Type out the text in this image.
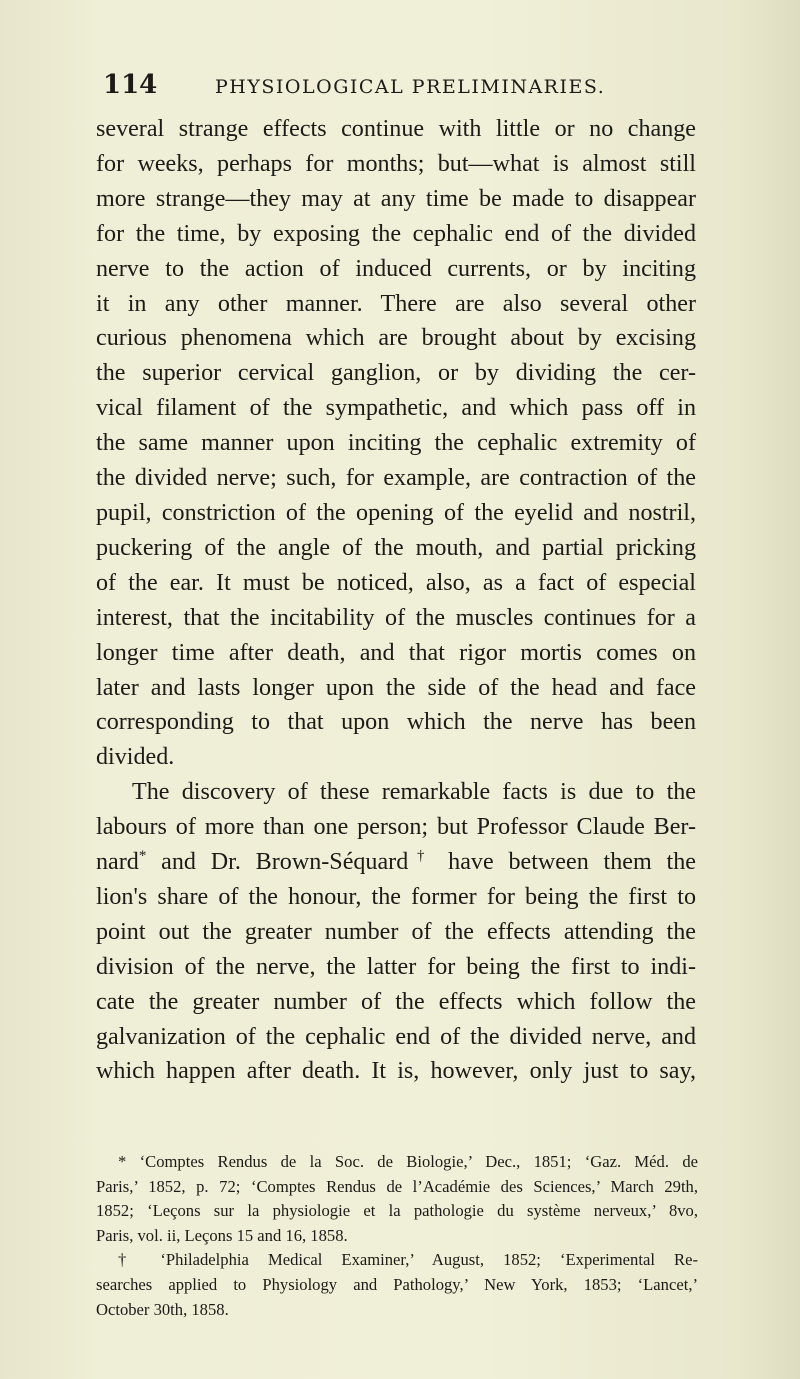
114	PHYSIOLOGICAL PRELIMINARIES.

several strange effects continue with little or no change
for weeks, perhaps for months; but—what is almost still
more strange—they may at any time be made to disappear
for the time, by exposing the cephalic end of the divided
nerve to the action of induced currents, or by inciting
it in any other manner. There are also several other
curious phenomena which are brought about by excising
the superior cervical ganglion, or by dividing the cer-
vical filament of the sympathetic, and which pass off in
the same manner upon inciting the cephalic extremity of
the divided nerve; such, for example, are contraction of the
pupil, constriction of the opening of the eyelid and nostril,
puckering of the angle of the mouth, and partial pricking
of the ear. It must be noticed, also, as a fact of especial
interest, that the incitability of the muscles continues for a
longer time after death, and that rigor mortis comes on
later and lasts longer upon the side of the head and face
corresponding to that upon which the nerve has been
divided.

The discovery of these remarkable facts is due to the
labours of more than one person; but Professor Claude Ber-
nard* and Dr. Brown-Séquard† have between them the
lion's share of the honour, the former for being the first to
point out the greater number of the effects attending the
division of the nerve, the latter for being the first to indi-
cate the greater number of the effects which follow the
galvanization of the cephalic end of the divided nerve, and
which happen after death. It is, however, only just to say,

* ‘Comptes Rendus de la Soc. de Biologie,’ Dec., 1851; ‘Gaz. Méd. de
Paris,’ 1852, p. 72; ‘Comptes Rendus de l’Académie des Sciences,’ March 29th,
1852; ‘Leçons sur la physiologie et la pathologie du système nerveux,’ 8vo,
Paris, vol. ii, Leçons 15 and 16, 1858.

† ‘Philadelphia Medical Examiner,’ August, 1852; ‘Experimental Re-
searches applied to Physiology and Pathology,’ New York, 1853; ‘Lancet,’
October 30th, 1858.
